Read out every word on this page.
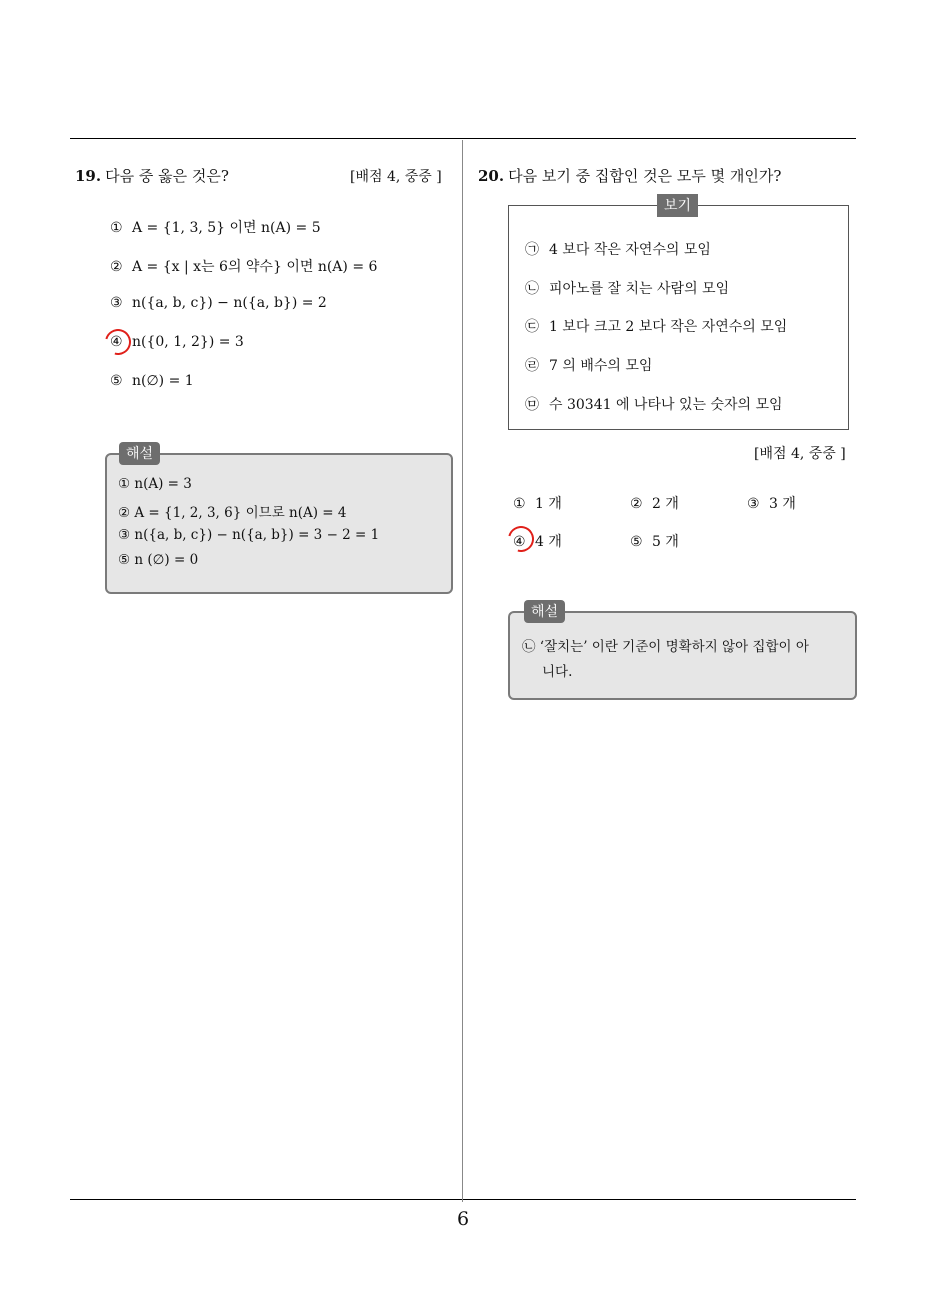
19. 다음 중 옳은 것은?	[배점 4, 중중 ]
① A = {1, 3, 5} 이면 n(A) = 5
② A = {x | x는 6의 약수} 이면 n(A) = 6
③ n({a, b, c}) − n({a, b}) = 2
④ n({0, 1, 2}) = 3
⑤ n(∅) = 1
해설
① n(A) = 3
② A = {1, 2, 3, 6} 이므로 n(A) = 4
③ n({a, b, c}) − n({a, b}) = 3 − 2 = 1
⑤ n (∅) = 0
20. 다음 보기 중 집합인 것은 모두 몇 개인가?
보기
㉠ 4 보다 작은 자연수의 모임
㉡ 피아노를 잘 치는 사람의 모임
㉢ 1 보다 크고 2 보다 작은 자연수의 모임
㉣ 7 의 배수의 모임
㉤ 수 30341 에 나타나 있는 숫자의 모임
[배점 4, 중중 ]
① 1 개	② 2 개	③ 3 개
④ 4 개	⑤ 5 개
해설
㉡ ‘잘치는’ 이란 기준이 명확하지 않아 집합이 아
니다.
6
